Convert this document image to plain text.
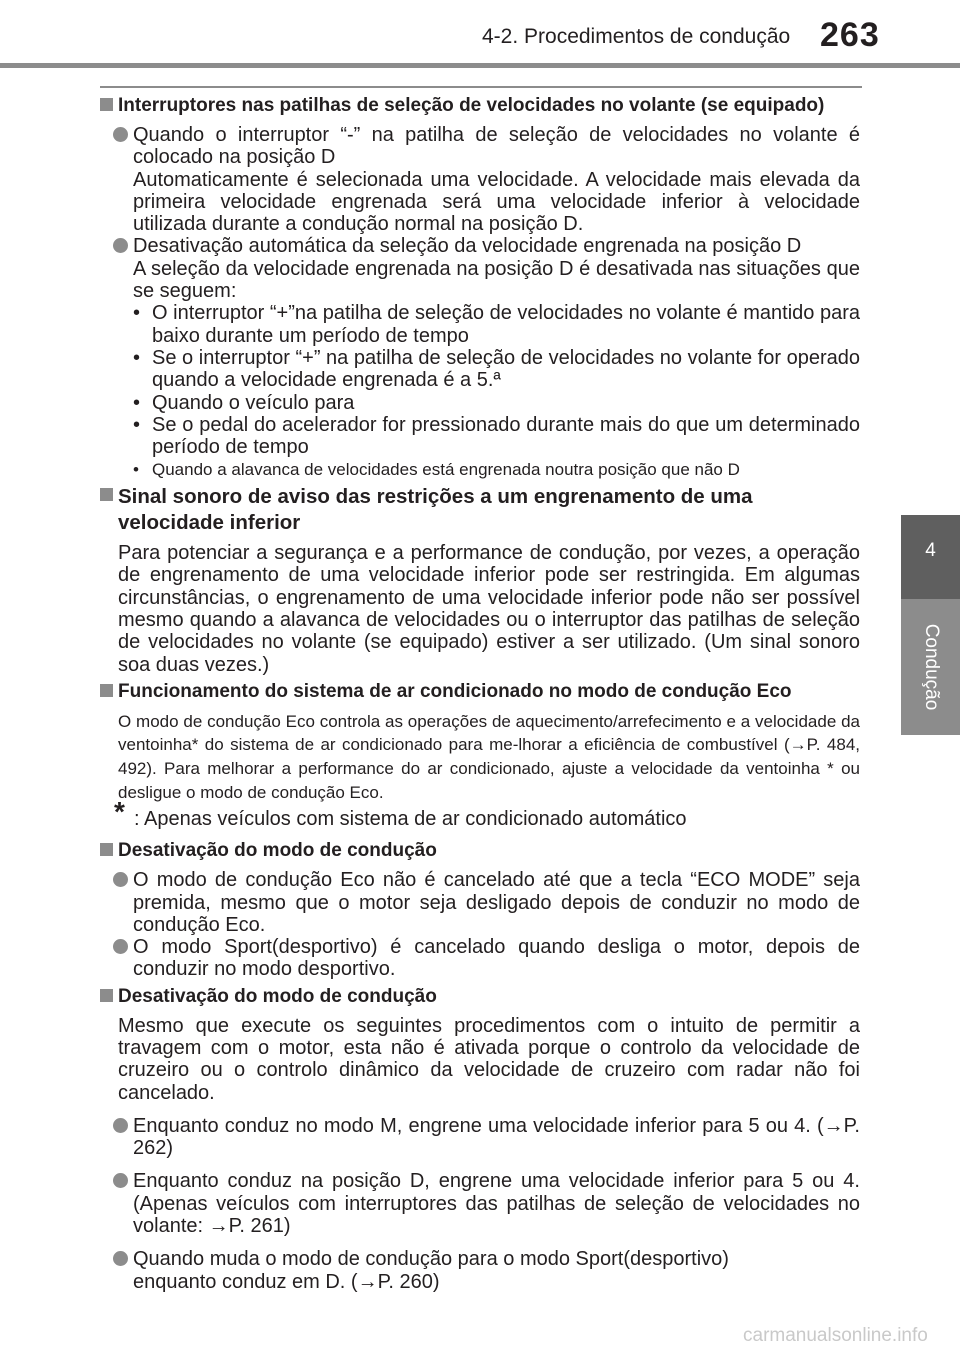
4-2. Procedimentos de condução 263
4
Condução
Interruptores nas patilhas de seleção de velocidades no volante (se equipado)
Quando o interruptor “-” na patilha de seleção de velocidades no volante é colocado na posição D
Automaticamente é selecionada uma velocidade. A velocidade mais elevada da primeira velocidade engrenada será uma velocidade inferior à velocidade utilizada durante a condução normal na posição D.
Desativação automática da seleção da velocidade engrenada na posição D
A seleção da velocidade engrenada na posição D é desativada nas situações que se seguem:
• O interruptor “+”na patilha de seleção de velocidades no volante é mantido para baixo durante um período de tempo
• Se o interruptor “+” na patilha de seleção de velocidades no volante for operado quando a velocidade engrenada é a 5.ª
• Quando o veículo para
• Se o pedal do acelerador for pressionado durante mais do que um determinado período de tempo
• Quando a alavanca de velocidades está engrenada noutra posição que não D
Sinal sonoro de aviso das restrições a um engrenamento de uma velocidade inferior
Para potenciar a segurança e a performance de condução, por vezes, a operação de engrenamento de uma velocidade inferior pode ser restringida. Em algumas circunstâncias, o engrenamento de uma velocidade inferior pode não ser possível mesmo quando a alavanca de velocidades ou o interruptor das patilhas de seleção de velocidades no volante (se equipado) estiver a ser utilizado. (Um sinal sonoro soa duas vezes.)
Funcionamento do sistema de ar condicionado no modo de condução Eco
O modo de condução Eco controla as operações de aquecimento/arrefecimento e a velocidade da ventoinha* do sistema de ar condicionado para me-lhorar a eficiência de combustível (→P. 484, 492). Para melhorar a performance do ar condicionado, ajuste a velocidade da ventoinha * ou desligue o modo de condução Eco.
* : Apenas veículos com sistema de ar condicionado automático
Desativação do modo de condução
O modo de condução Eco não é cancelado até que a tecla “ECO MODE” seja premida, mesmo que o motor seja desligado depois de conduzir no modo de condução Eco.
O modo Sport(desportivo) é cancelado quando desliga o motor, depois de conduzir no modo desportivo.
Desativação do modo de condução
Mesmo que execute os seguintes procedimentos com o intuito de permitir a travagem com o motor, esta não é ativada porque o controlo da velocidade de cruzeiro ou o controlo dinâmico da velocidade de cruzeiro com radar não foi cancelado.
Enquanto conduz no modo M, engrene uma velocidade inferior para 5 ou 4. (→P. 262)
Enquanto conduz na posição D, engrene uma velocidade inferior para 5 ou 4. (Apenas veículos com interruptores das patilhas de seleção de velocidades no volante: →P. 261)
Quando muda o modo de condução para o modo Sport(desportivo)
enquanto conduz em D. (→P. 260)
carmanualsonline.info
